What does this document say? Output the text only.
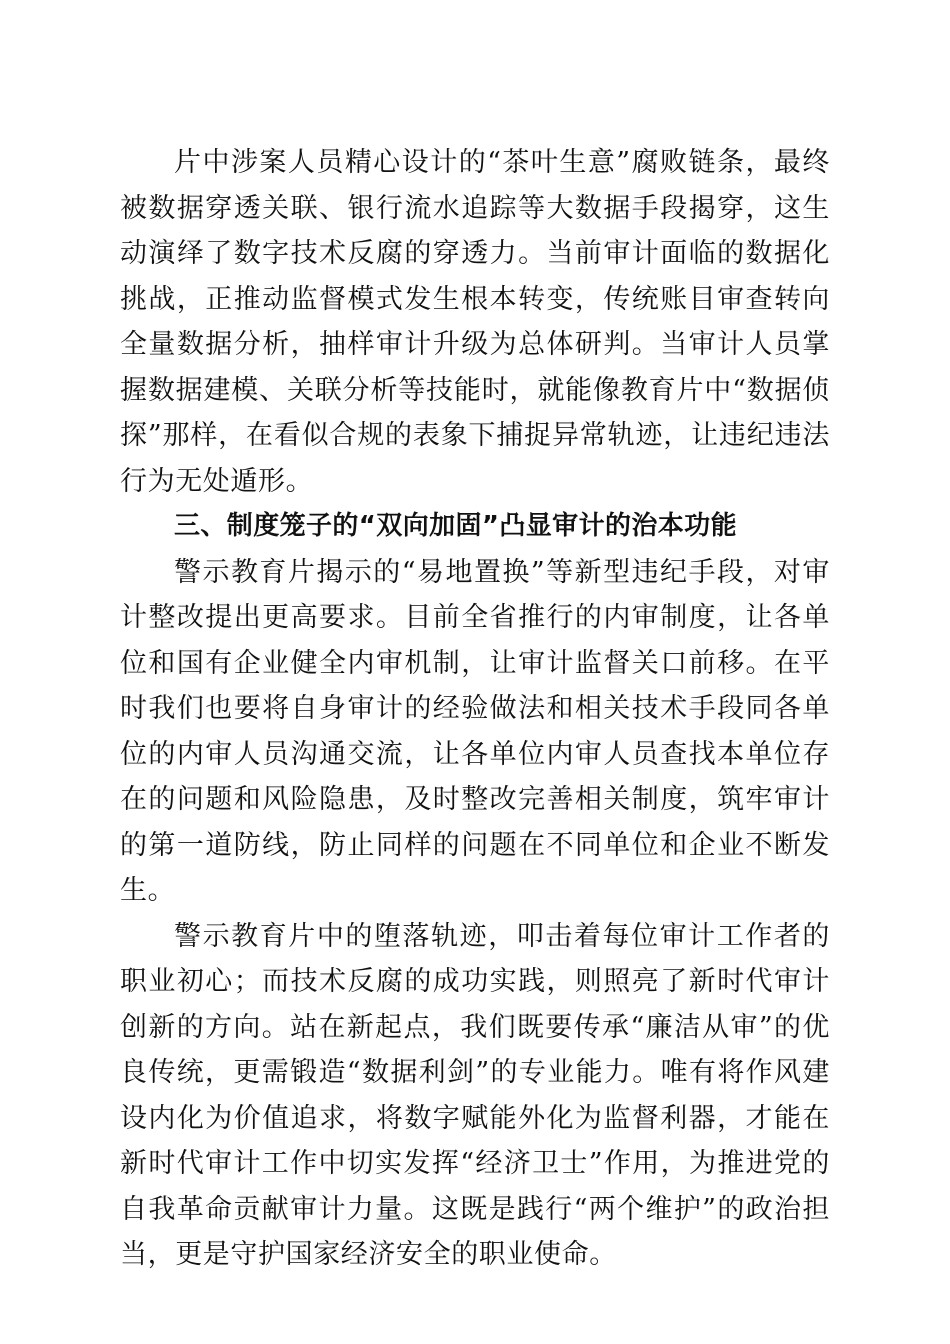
片中涉案人员精心设计的“茶叶生意”腐败链条，最终被数据穿透关联、银行流水追踪等大数据手段揭穿，这生动演绎了数字技术反腐的穿透力。当前审计面临的数据化挑战，正推动监督模式发生根本转变，传统账目审查转向全量数据分析，抽样审计升级为总体研判。当审计人员掌握数据建模、关联分析等技能时，就能像教育片中“数据侦探”那样，在看似合规的表象下捕捉异常轨迹，让违纪违法行为无处遁形。

三、制度笼子的“双向加固”凸显审计的治本功能

警示教育片揭示的“易地置换”等新型违纪手段，对审计整改提出更高要求。目前全省推行的内审制度，让各单位和国有企业健全内审机制，让审计监督关口前移。在平时我们也要将自身审计的经验做法和相关技术手段同各单位的内审人员沟通交流，让各单位内审人员查找本单位存在的问题和风险隐患，及时整改完善相关制度，筑牢审计的第一道防线，防止同样的问题在不同单位和企业不断发生。

警示教育片中的堕落轨迹，叩击着每位审计工作者的职业初心；而技术反腐的成功实践，则照亮了新时代审计创新的方向。站在新起点，我们既要传承“廉洁从审”的优良传统，更需锻造“数据利剑”的专业能力。唯有将作风建设内化为价值追求，将数字赋能外化为监督利器，才能在新时代审计工作中切实发挥“经济卫士”作用，为推进党的自我革命贡献审计力量。这既是践行“两个维护”的政治担当，更是守护国家经济安全的职业使命。
